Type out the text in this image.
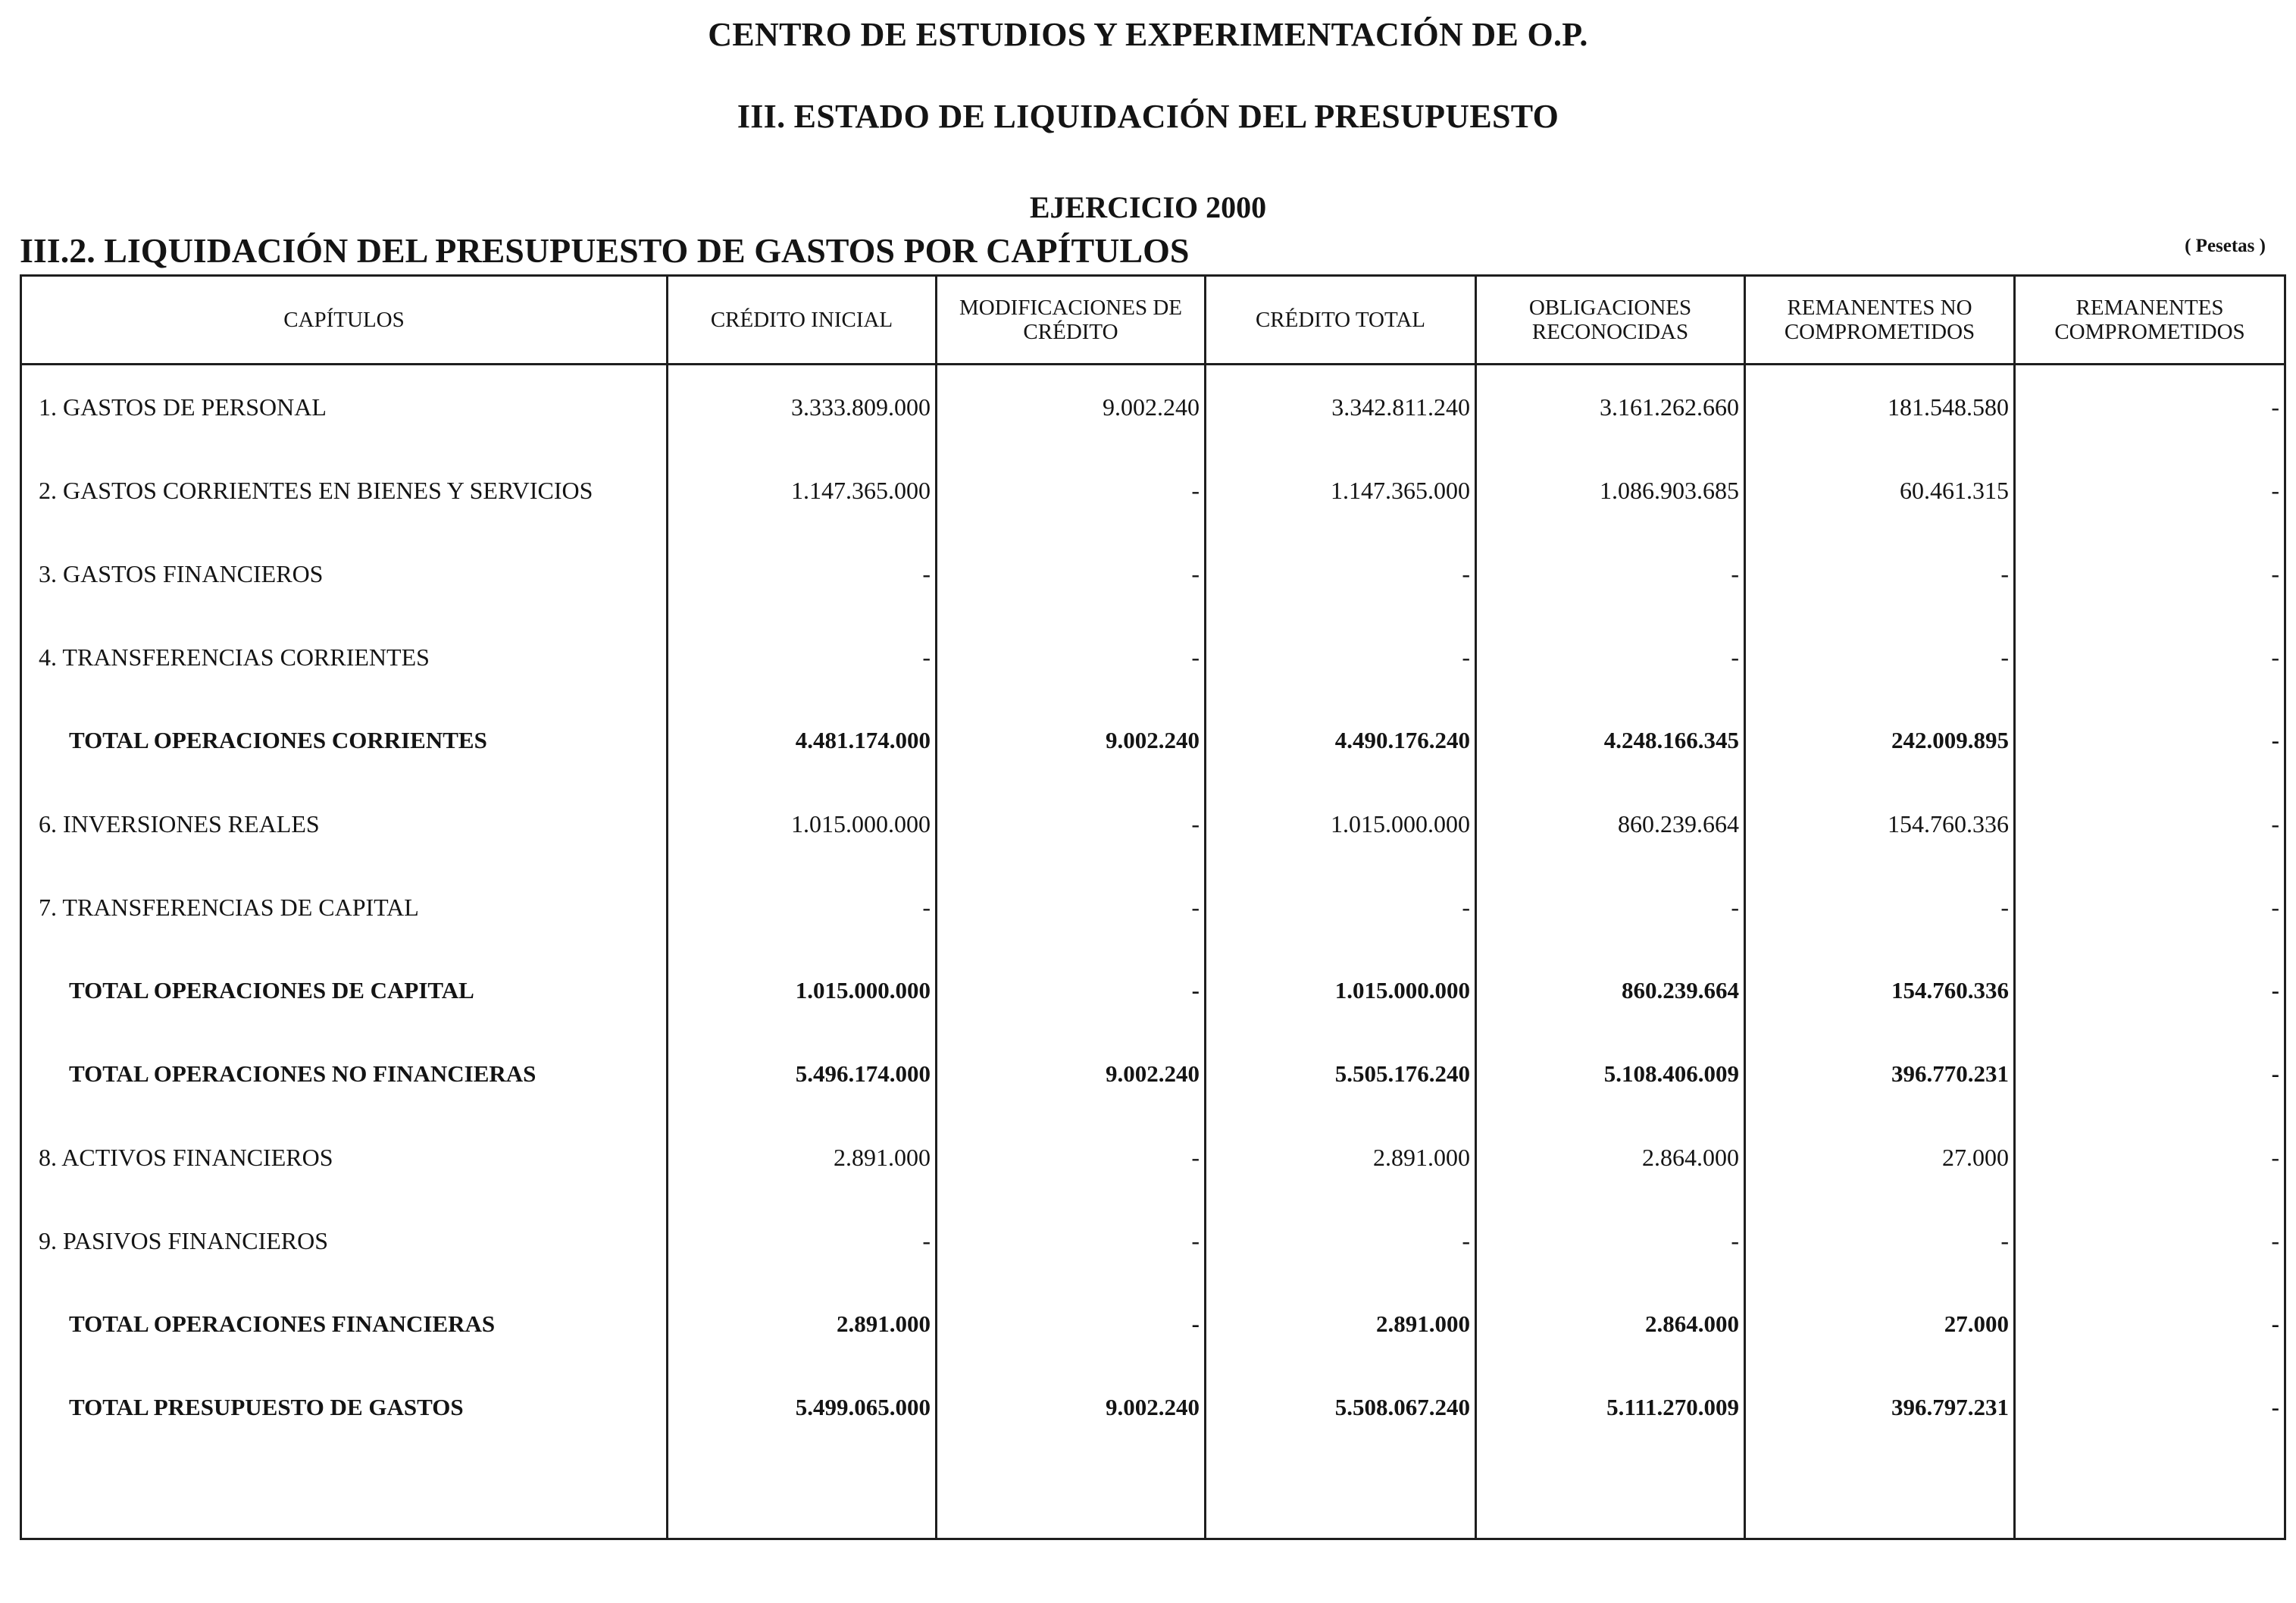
CENTRO DE ESTUDIOS Y EXPERIMENTACIÓN DE O.P.
III. ESTADO DE LIQUIDACIÓN DEL PRESUPUESTO
EJERCICIO 2000
III.2. LIQUIDACIÓN DEL PRESUPUESTO DE GASTOS POR CAPÍTULOS	( Pesetas )
CAPÍTULOS	CRÉDITO INICIAL	MODIFICACIONES DE CRÉDITO	CRÉDITO TOTAL	OBLIGACIONES RECONOCIDAS	REMANENTES NO COMPROMETIDOS	REMANENTES COMPROMETIDOS
1. GASTOS DE PERSONAL	3.333.809.000	9.002.240	3.342.811.240	3.161.262.660	181.548.580	-
2. GASTOS CORRIENTES EN BIENES Y SERVICIOS	1.147.365.000	-	1.147.365.000	1.086.903.685	60.461.315	-
3. GASTOS FINANCIEROS	-	-	-	-	-	-
4. TRANSFERENCIAS CORRIENTES	-	-	-	-	-	-
TOTAL OPERACIONES CORRIENTES	4.481.174.000	9.002.240	4.490.176.240	4.248.166.345	242.009.895	-
6. INVERSIONES REALES	1.015.000.000	-	1.015.000.000	860.239.664	154.760.336	-
7. TRANSFERENCIAS DE CAPITAL	-	-	-	-	-	-
TOTAL OPERACIONES DE CAPITAL	1.015.000.000	-	1.015.000.000	860.239.664	154.760.336	-
TOTAL OPERACIONES NO FINANCIERAS	5.496.174.000	9.002.240	5.505.176.240	5.108.406.009	396.770.231	-
8. ACTIVOS FINANCIEROS	2.891.000	-	2.891.000	2.864.000	27.000	-
9. PASIVOS FINANCIEROS	-	-	-	-	-	-
TOTAL OPERACIONES FINANCIERAS	2.891.000	-	2.891.000	2.864.000	27.000	-
TOTAL PRESUPUESTO DE GASTOS	5.499.065.000	9.002.240	5.508.067.240	5.111.270.009	396.797.231	-
